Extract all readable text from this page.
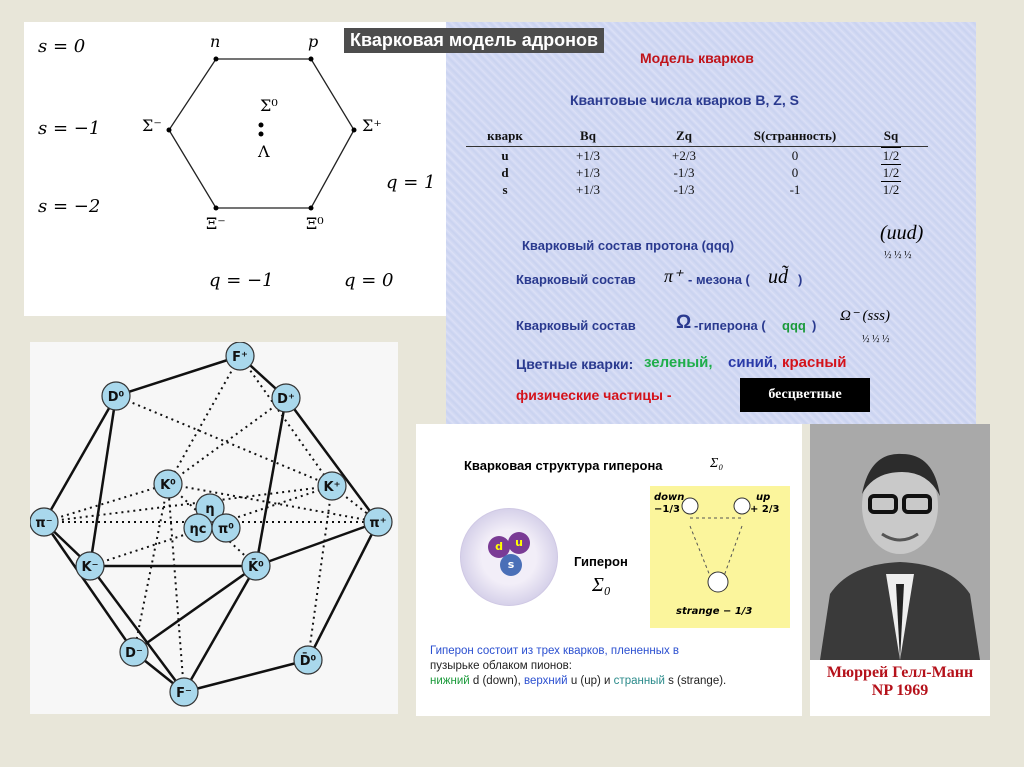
s = 0
s = −1
s = −2
q = 1
q = −1	q = 0
n	p
Σ⁻	Σ⁺
Σ⁰
Λ
Ξ⁻	Ξ⁰
Кварковая модель адронов
Модель кварков
Квантовые числа кварков B, Z, S
кварк	Bq	Zq	S(странность)	Sq
u	+1/3	+2/3	0	1/2
d	+1/3	-1/3	0	1/2
s	+1/3	-1/3	-1	1/2
Кварковый состав протона (qqq)
(uud)
½ ½ ½
Кварковый состав π⁺ - мезона ( ud̃ )
Кварковый состав Ω -гиперона ( qqq )
Ω⁻ (sss)
½ ½ ½
Цветные кварки: зеленый, синий, красный
физические частицы -	бесцветные
F⁺
D⁰	D⁺
K⁰	K⁺
η
ηc π⁰
π⁻	π⁺
K⁻	K̄⁰
D⁻
D̄⁰
F⁻
Кварковая структура гиперона	Σ₀
d	u
s	Гиперон
Σ₀
down
−1/3
up
+ 2/3
strange − 1/3
Гиперон состоит из трех кварков, плененных в
пузырьке облаком пионов:
нижний d (down), верхний u (up) и странный s (strange).	Мюррей Гелл-Манн
NP 1969
